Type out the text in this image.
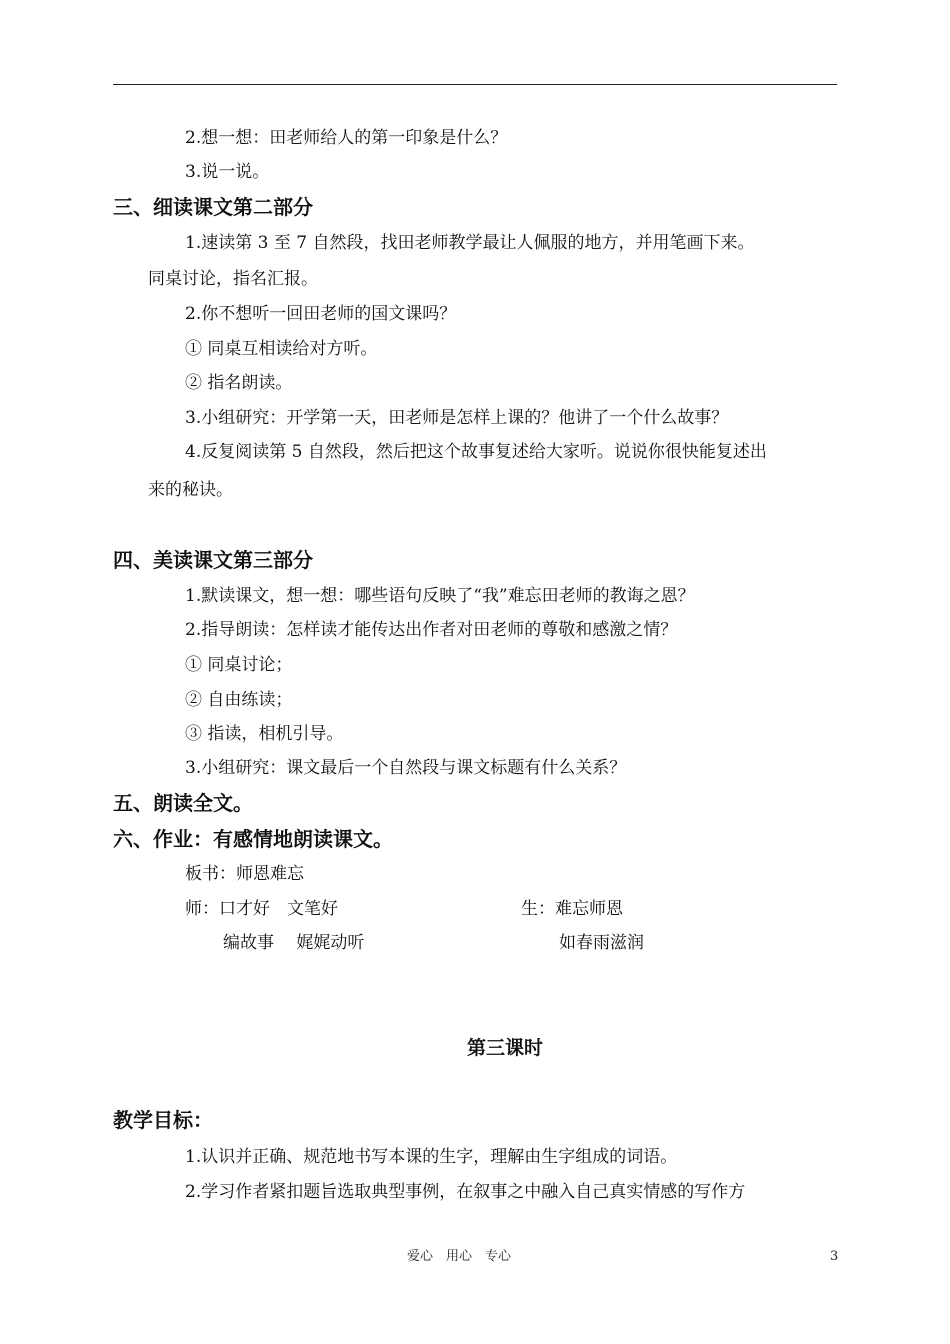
2.想一想：田老师给人的第一印象是什么？
3.说一说。
三、细读课文第二部分
1.速读第 3 至 7 自然段，找田老师教学最让人佩服的地方，并用笔画下来。
同桌讨论，指名汇报。
2.你不想听一回田老师的国文课吗？
① 同桌互相读给对方听。
② 指名朗读。
3.小组研究：开学第一天，田老师是怎样上课的？他讲了一个什么故事？
4.反复阅读第 5 自然段，然后把这个故事复述给大家听。说说你很快能复述出
来的秘诀。
四、美读课文第三部分
1.默读课文，想一想：哪些语句反映了“我”难忘田老师的教诲之恩？
2.指导朗读：怎样读才能传达出作者对田老师的尊敬和感激之情？
① 同桌讨论；
② 自由练读；
③ 指读，相机引导。
3.小组研究：课文最后一个自然段与课文标题有什么关系？
五、朗读全文。
六、作业：有感情地朗读课文。
板书：师恩难忘
师：口才好　文笔好	生：难忘师恩
编故事　 娓娓动听	如春雨滋润
第三课时
教学目标：
1.认识并正确、规范地书写本课的生字，理解由生字组成的词语。
2.学习作者紧扣题旨选取典型事例，在叙事之中融入自己真实情感的写作方
爱心　用心　专心	3
